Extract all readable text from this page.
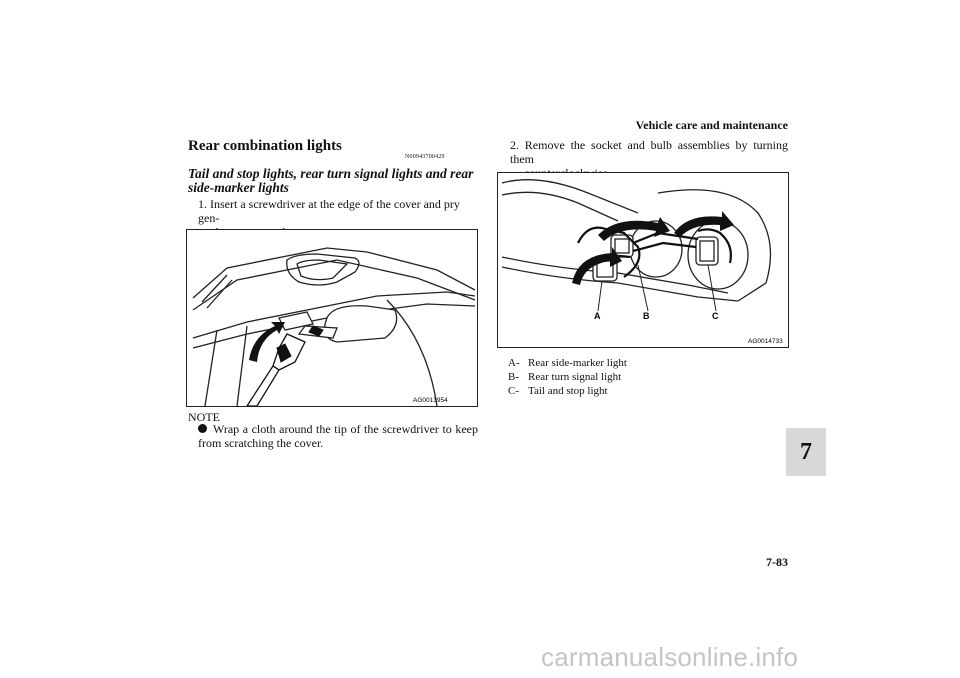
Vehicle care and maintenance
Rear combination lights
N00943700429
Tail and stop lights, rear turn signal lights and rear side-marker lights
1. Insert a screwdriver at the edge of the cover and pry gen-
AG0013954
NOTE
Wrap a cloth around the tip of the screwdriver to keep from scratching the cover.
2. Remove the socket and bulb assemblies by turning them
A	B	C
AG0014733
A- Rear side-marker light
B- Rear turn signal light
C- Tail and stop light
7
7-83
carmanualsonline.info
